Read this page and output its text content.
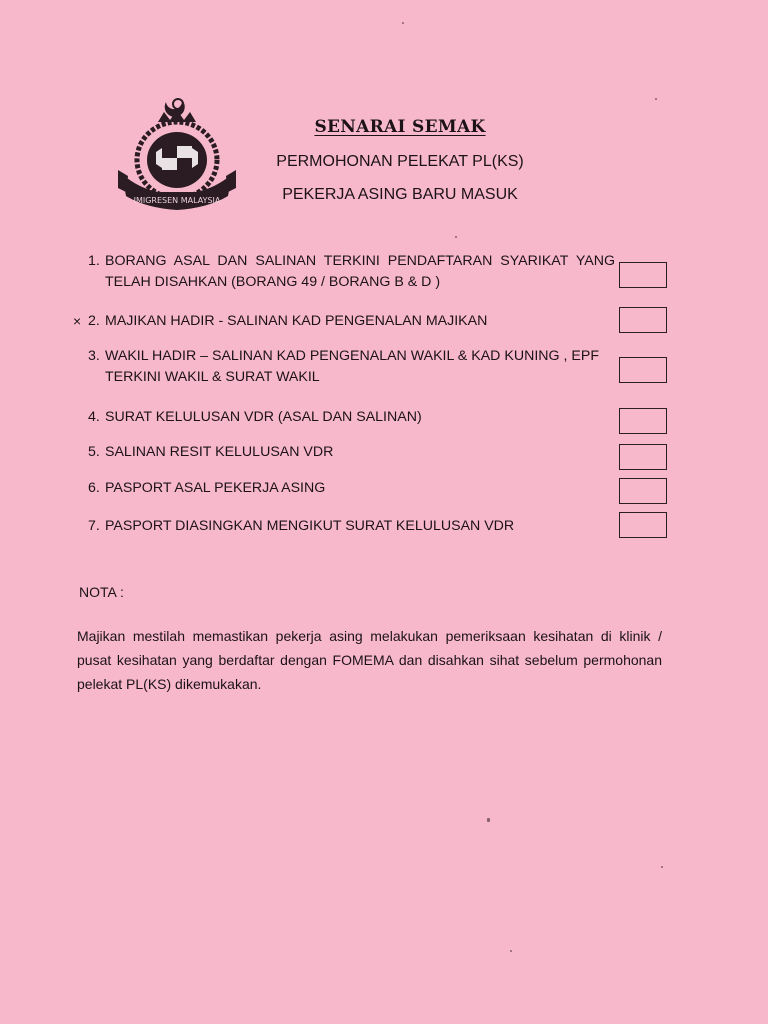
IMIGRESEN MALAYSIA

SENARAI SEMAK

PERMOHONAN PELEKAT PL(KS)

PEKERJA ASING BARU MASUK

1. BORANG ASAL DAN SALINAN TERKINI PENDAFTARAN SYARIKAT YANG TELAH DISAHKAN (BORANG 49 / BORANG B & D )
× 2. MAJIKAN HADIR - SALINAN KAD PENGENALAN MAJIKAN
3. WAKIL HADIR – SALINAN KAD PENGENALAN WAKIL & KAD KUNING , EPF TERKINI WAKIL & SURAT WAKIL
4. SURAT KELULUSAN VDR (ASAL DAN SALINAN)
5. SALINAN RESIT KELULUSAN VDR
6. PASPORT ASAL PEKERJA ASING
7. PASPORT DIASINGKAN MENGIKUT SURAT KELULUSAN VDR
NOTA :

Majikan mestilah memastikan pekerja asing melakukan pemeriksaan kesihatan di klinik / pusat kesihatan yang berdaftar dengan FOMEMA dan disahkan sihat sebelum permohonan pelekat PL(KS) dikemukakan.
